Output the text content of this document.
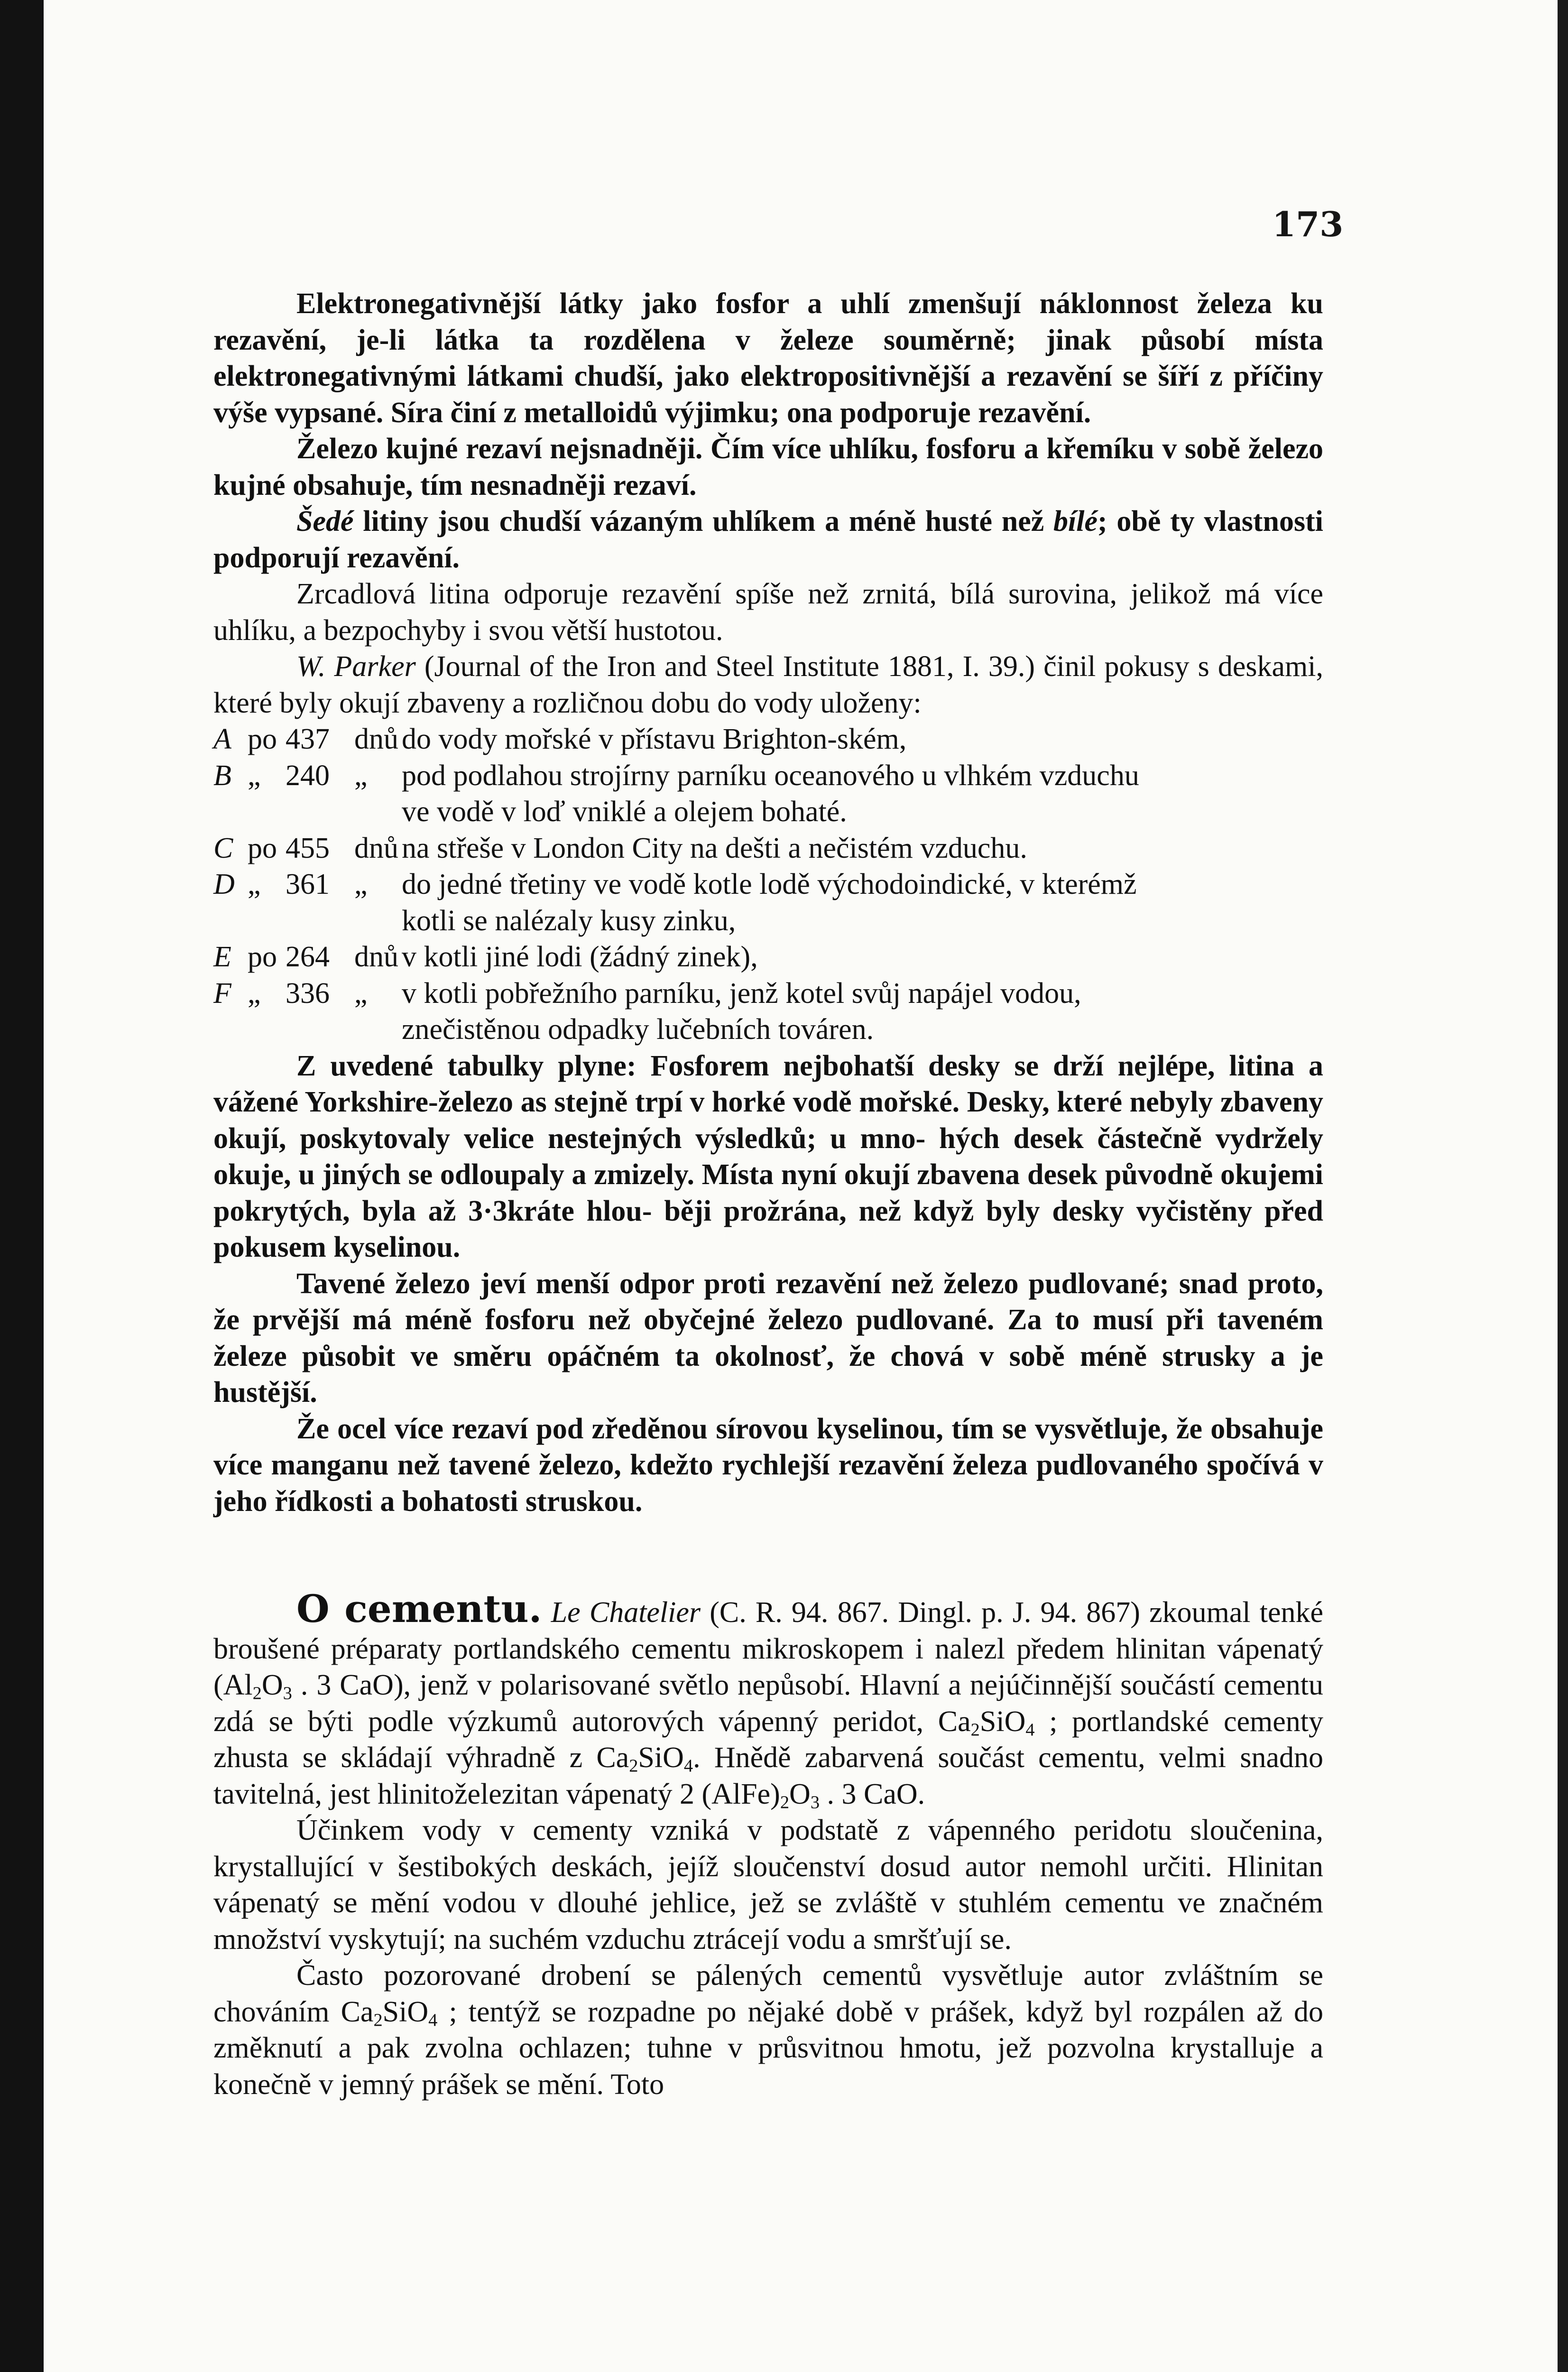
173
Elektronegativnější látky jako fosfor a uhlí zmenšují náklonnost železa ku rezavění, je-li látka ta rozdělena v železe souměrně; jinak působí místa elektronegativnými látkami chudší, jako elektropositivnější a rezavění se šíří z příčiny výše vypsané. Síra činí z metalloidů výjimku; ona podporuje rezavění.
Železo kujné rezaví nejsnadněji. Čím více uhlíku, fosforu a křemíku v sobě železo kujné obsahuje, tím nesnadněji rezaví.
Šedé litiny jsou chudší vázaným uhlíkem a méně husté než bílé; obě ty vlastnosti podporují rezavění.
Zrcadlová litina odporuje rezavění spíše než zrnitá, bílá surovina, jelikož má více uhlíku, a bezpochyby i svou větší hustotou.
W. Parker (Journal of the Iron and Steel Institute 1881, I. 39.) činil pokusy s deskami, které byly okují zbaveny a rozličnou dobu do vody uloženy:
A po 437 dnů do vody mořské v přístavu Brighton-ském,
B „ 240 „	pod podlahou strojírny parníku oceanového u vlhkém vzduchu
ve vodě v loď vniklé a olejem bohaté.
C po 455 dnů na střeše v London City na dešti a nečistém vzduchu.
D „ 361 „	do jedné třetiny ve vodě kotle lodě východoindické, v kterémž
kotli se nalézaly kusy zinku,
E po 264 dnů v kotli jiné lodi (žádný zinek),
F „ 336 „	v kotli pobřežního parníku, jenž kotel svůj napájel vodou,
znečistěnou odpadky lučebních továren.
Z uvedené tabulky plyne: Fosforem nejbohatší desky se drží nejlépe, litina a vážené Yorkshire-železo as stejně trpí v horké vodě mořské. Desky, které nebyly zbaveny okují, poskytovaly velice nestejných výsledků; u mno- hých desek částečně vydržely okuje, u jiných se odloupaly a zmizely. Místa nyní okují zbavena desek původně okujemi pokrytých, byla až 3·3kráte hlou- běji prožrána, než když byly desky vyčistěny před pokusem kyselinou.
Tavené železo jeví menší odpor proti rezavění než železo pudlované; snad proto, že prvější má méně fosforu než obyčejné železo pudlované. Za to musí při taveném železe působit ve směru opáčném ta okolnosť, že chová v sobě méně strusky a je hustější.
Že ocel více rezaví pod zředěnou sírovou kyselinou, tím se vysvětluje, že obsahuje více manganu než tavené železo, kdežto rychlejší rezavění železa pudlovaného spočívá v jeho řídkosti a bohatosti struskou.
O cementu. Le Chatelier (C. R. 94. 867. Dingl. p. J. 94. 867) zkoumal tenké broušené préparaty portlandského cementu mikroskopem i nalezl předem hlinitan vápenatý ($Al_2O_3$ . 3 CaO), jenž v polarisované světlo nepůsobí. Hlavní a nejúčinnější součástí cementu zdá se býti podle výzkumů autorových vápenný peridot, $Ca_2SiO_4$ ; portlandské cementy zhusta se skládají výhradně z $Ca_2SiO_4$. Hnědě zabarvená součást cementu, velmi snadno tavitelná, jest hlinitoželezitan vápenatý 2 $(AlFe)_2O_3$ . 3 CaO.
Účinkem vody v cementy vzniká v podstatě z vápenného peridotu sloučenina, krystallující v šestibokých deskách, jejíž sloučenství dosud autor nemohl určiti. Hlinitan vápenatý se mění vodou v dlouhé jehlice, jež se zvláště v stuhlém cementu ve značném množství vyskytují; na suchém vzduchu ztrácejí vodu a smršťují se.
Často pozorované drobení se pálených cementů vysvětluje autor zvláštním se chováním $Ca_2SiO_4$ ; tentýž se rozpadne po nějaké době v prášek, když byl rozpálen až do změknutí a pak zvolna ochlazen; tuhne v průsvitnou hmotu, jež pozvolna krystalluje a konečně v jemný prášek se mění. Toto
